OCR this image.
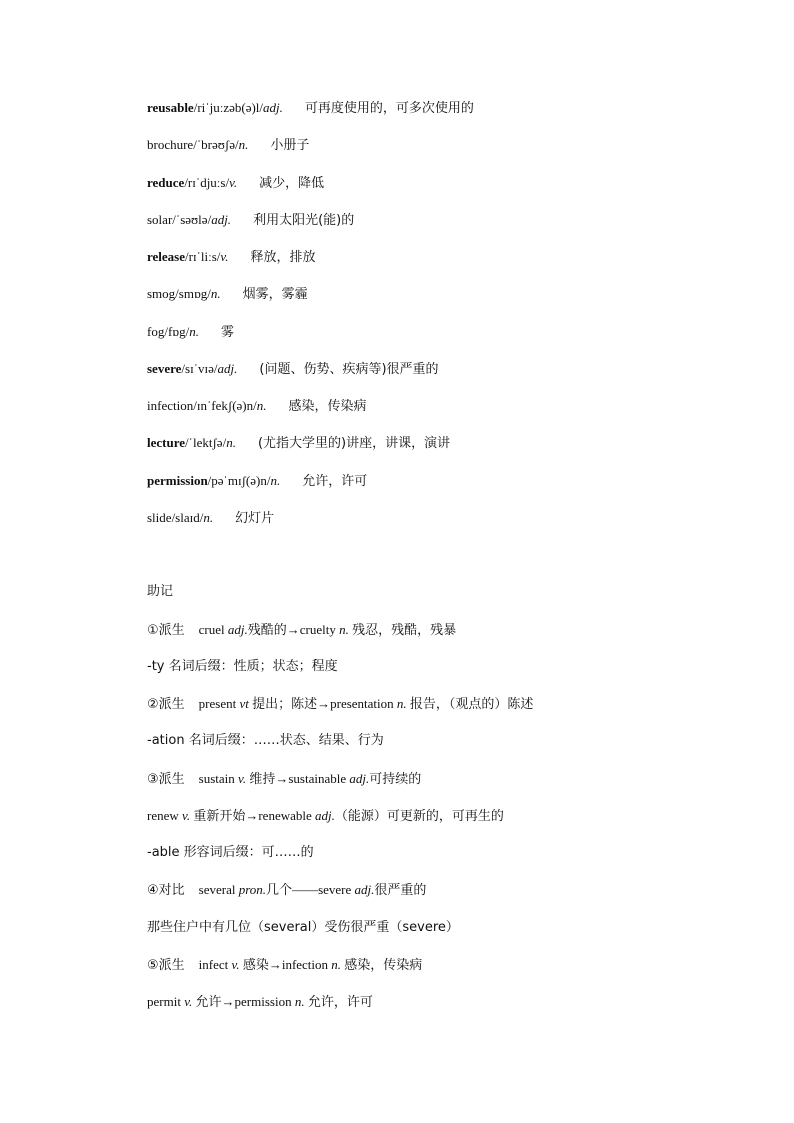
reusable/riˈjuːzəb(ə)l/adj. 可再度使用的，可多次使用的
brochure/ˈbrəʊʃə/n. 小册子
reduce/rɪˈdjuːs/v. 减少，降低
solar/ˈsəʊlə/adj. 利用太阳光(能)的
release/rɪˈliːs/v. 释放，排放
smog/smɒg/n. 烟雾，雾霾
fog/fɒg/n. 雾
severe/sɪˈvɪə/adj. (问题、伤势、疾病等)很严重的
infection/ɪnˈfekʃ(ə)n/n. 感染，传染病
lecture/ˈlektʃə/n. (尤指大学里的)讲座，讲课，演讲
permission/pəˈmɪʃ(ə)n/n. 允许，许可
slide/slaɪd/n. 幻灯片
助记
①派生 cruel adj.残酷的→cruelty n. 残忍，残酷，残暴
-ty 名词后缀：性质；状态；程度
②派生 present vt 提出；陈述→presentation n. 报告，（观点的）陈述
-ation 名词后缀：……状态、结果、行为
③派生 sustain v. 维持→sustainable adj.可持续的
renew v. 重新开始→renewable adj.（能源）可更新的，可再生的
-able 形容词后缀：可……的
④对比 several pron.几个——severe adj.很严重的
那些住户中有几位（several）受伤很严重（severe）
⑤派生 infect v. 感染→infection n. 感染，传染病
permit v. 允许→permission n. 允许，许可
